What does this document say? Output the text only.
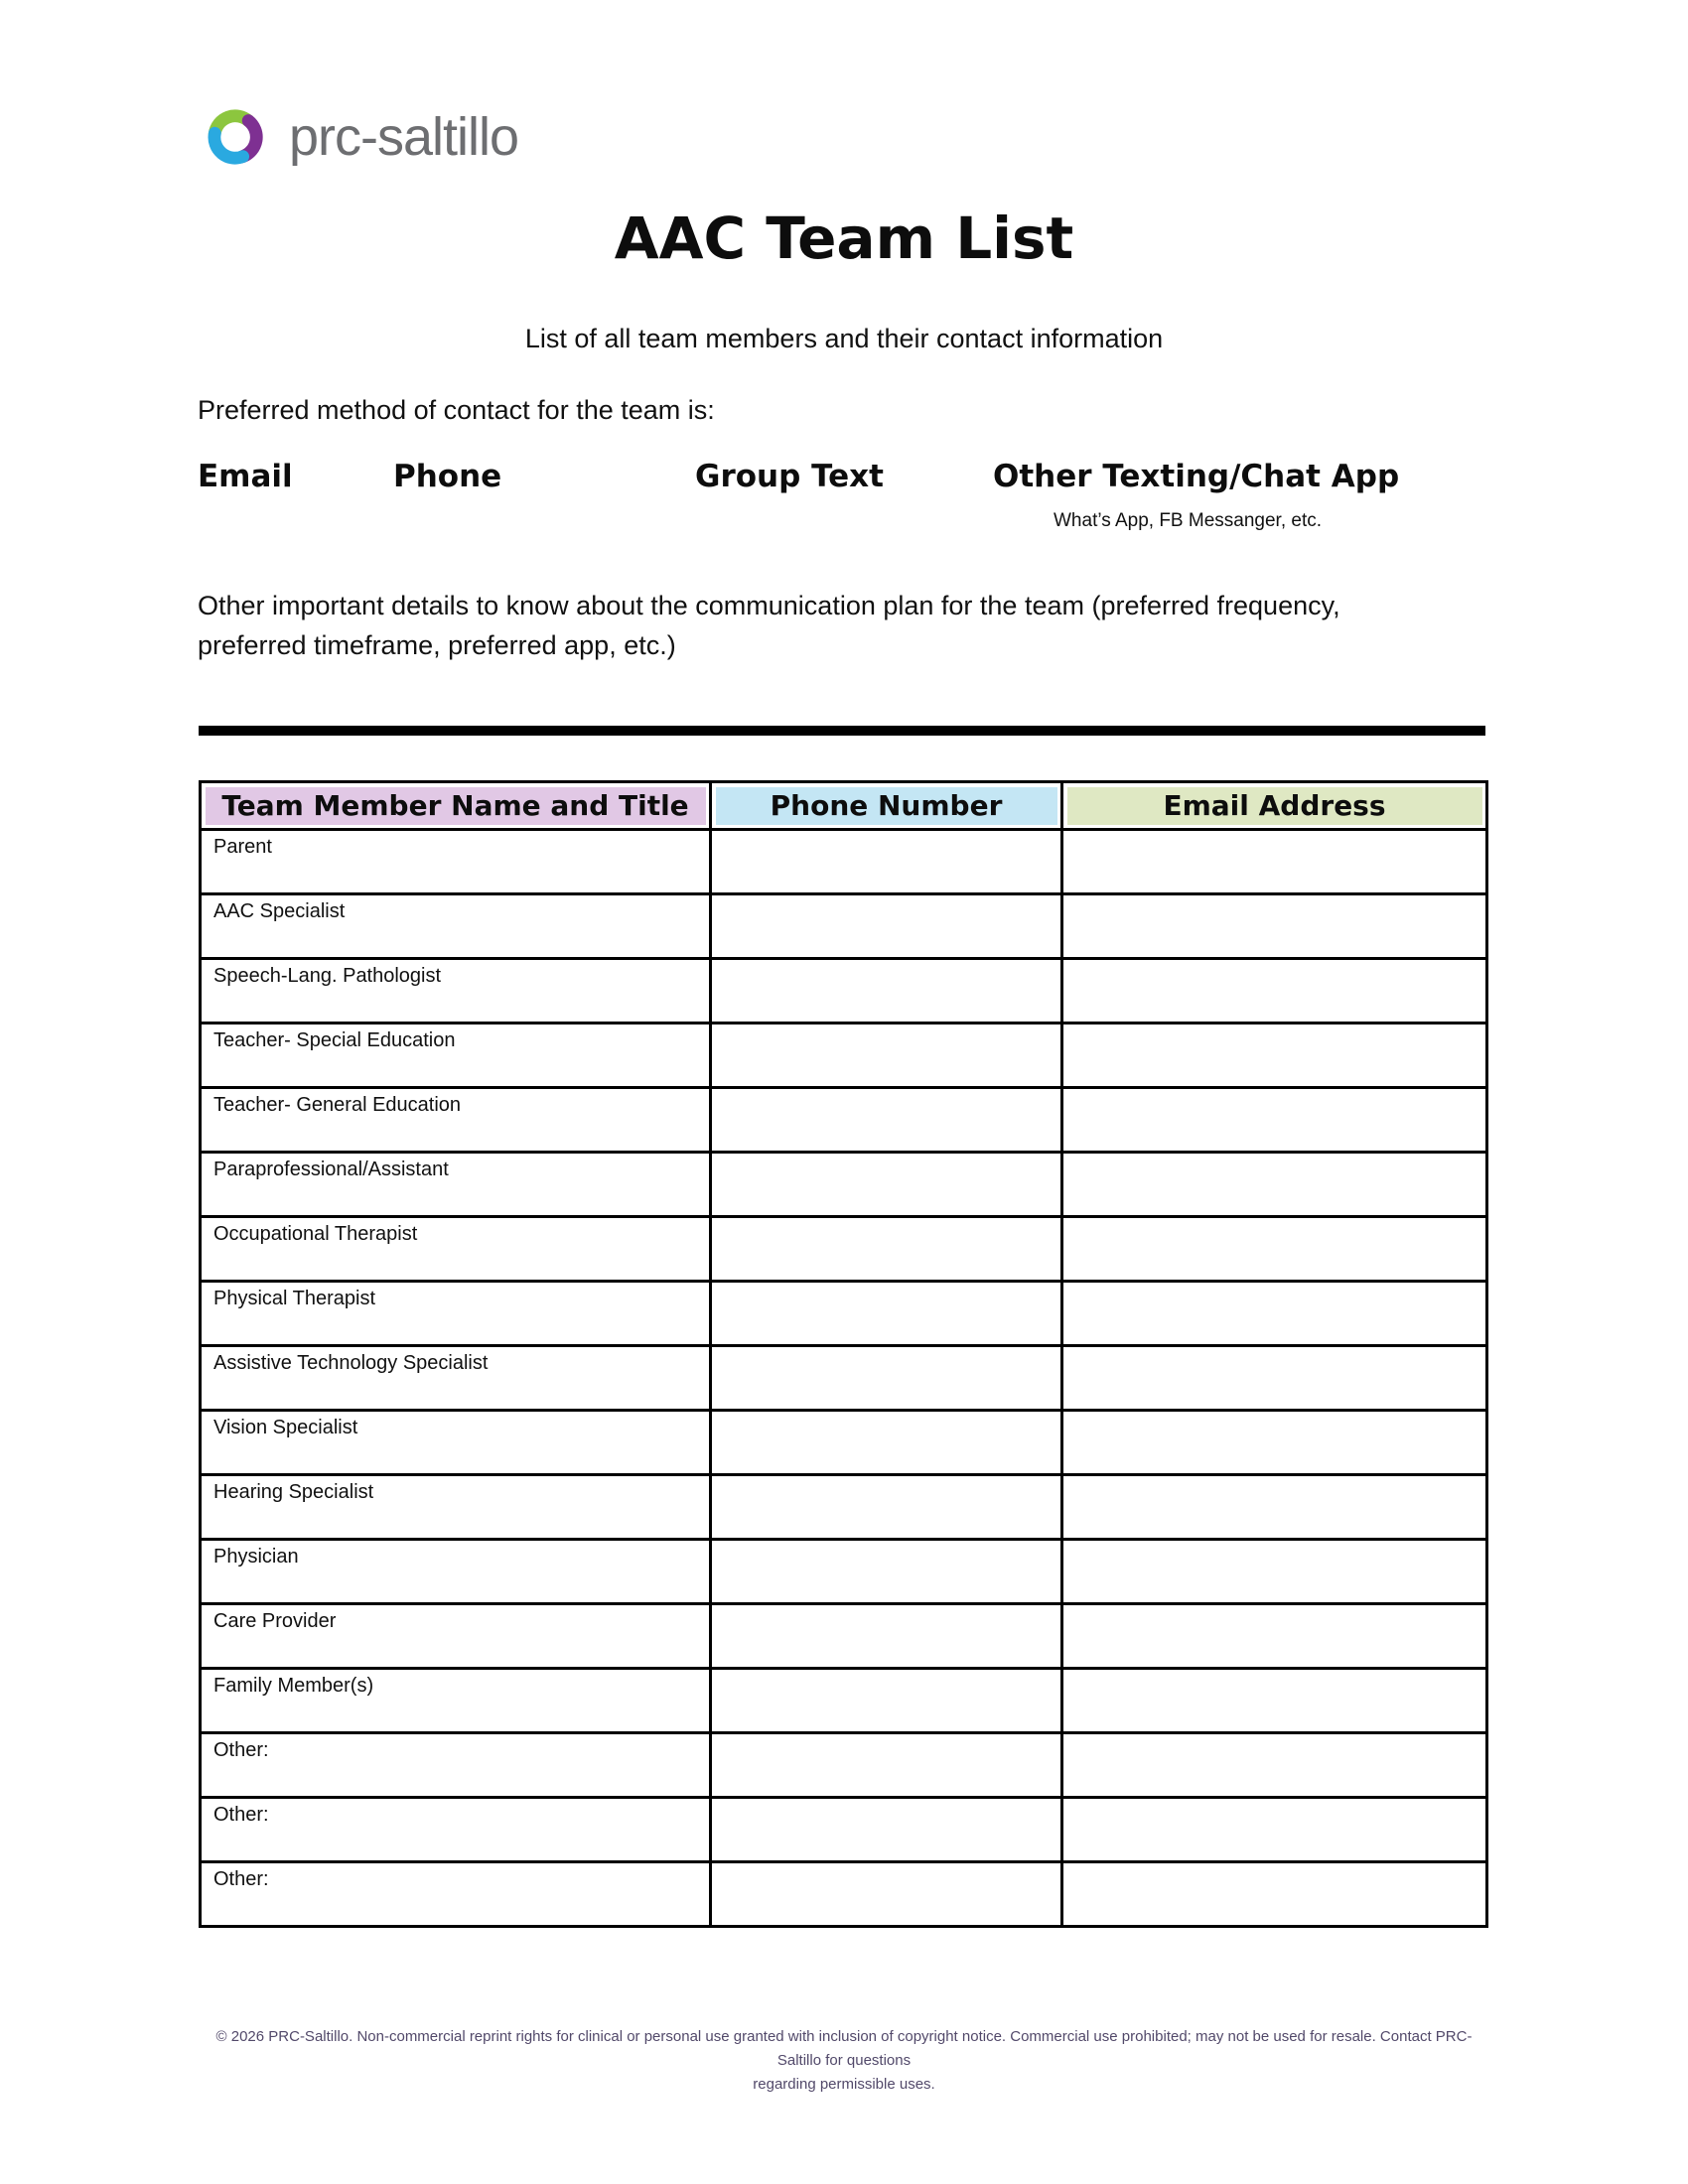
prc-saltillo
AAC Team List
List of all team members and their contact information
Preferred method of contact for the team is:
Email	Phone	Group Text	Other Texting/Chat App
What’s App, FB Messanger, etc.
Other important details to know about the communication plan for the team (preferred frequency, preferred timeframe, preferred app, etc.)
Team Member Name and Title	Phone Number	Email Address
Parent		
AAC Specialist		
Speech-Lang. Pathologist		
Teacher- Special Education		
Teacher- General Education		
Paraprofessional/Assistant		
Occupational Therapist		
Physical Therapist		
Assistive Technology Specialist		
Vision Specialist		
Hearing Specialist		
Physician		
Care Provider		
Family Member(s)		
Other:		
Other:		
Other:		
© 2026 PRC-Saltillo. Non-commercial reprint rights for clinical or personal use granted with inclusion of copyright notice. Commercial use prohibited; may not be used for resale. Contact PRC-Saltillo for questions
regarding permissible uses.
